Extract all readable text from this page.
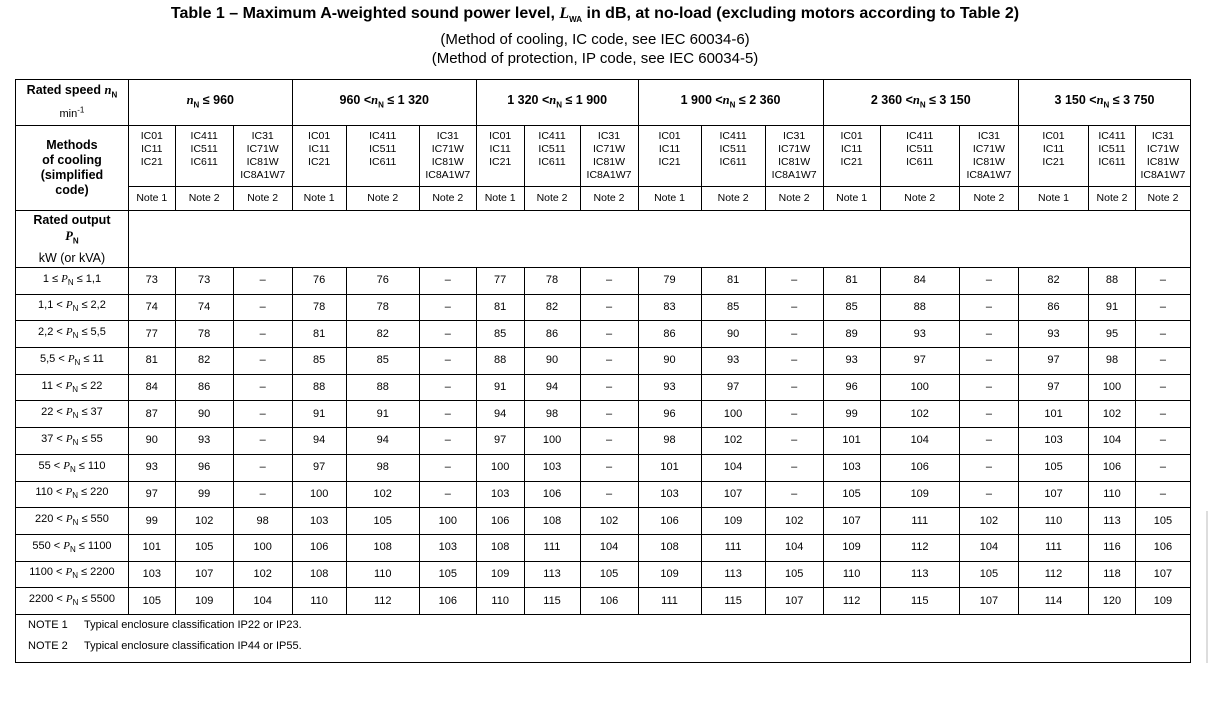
Table 1 – Maximum A-weighted sound power level, $L_{WA}$ in dB, at no-load (excluding motors according to Table 2)
(Method of cooling, IC code, see IEC 60034-6)
(Method of protection, IP code, see IEC 60034-5)
Rated speed $n_N$
$\min^{-1}$	$n_N \le 960$			$960 <n_N \le 1$ 320			1 $320 <n_N \le 1$ 900			1 $900 <n_N \le 2$ 360			2 $360 <n_N \le 3$ 150			3 $150 <n_N \le 3$ 750		
Methods
of cooling
(simplified
code)	IC01
IC11
IC21	IC411
IC511
IC611	IC31
IC71W
IC81W
IC8A1W7	IC01
IC11
IC21	IC411
IC511
IC611	IC31
IC71W
IC81W
IC8A1W7	IC01
IC11
IC21	IC411
IC511
IC611	IC31
IC71W
IC81W
IC8A1W7	IC01
IC11
IC21	IC411
IC511
IC611	IC31
IC71W
IC81W
IC8A1W7	IC01
IC11
IC21	IC411
IC511
IC611	IC31
IC71W
IC81W
IC8A1W7	IC01
IC11
IC21	IC411
IC511
IC611	IC31
IC71W
IC81W
IC8A1W7
	Note 1	Note 2	Note 2	Note 1	Note 2	Note 2	Note 1	Note 2	Note 2	Note 1	Note 2	Note 2	Note 1	Note 2	Note 2	Note 1	Note 2	Note 2
Rated output
$P_N$
kW (or kVA)																		
$1 \le P_N \le 1,1$	73	73	–	76	76	–	77	78	–	79	81	–	81	84	–	82	88	–
$1,1 < P_N \le 2,2$	74	74	–	78	78	–	81	82	–	83	85	–	85	88	–	86	91	–
$2,2 < P_N \le 5,5$	77	78	–	81	82	–	85	86	–	86	90	–	89	93	–	93	95	–
$5,5 < P_N \le 11$	81	82	–	85	85	–	88	90	–	90	93	–	93	97	–	97	98	–
$11 < P_N \le 22$	84	86	–	88	88	–	91	94	–	93	97	–	96	100	–	97	100	–
$22 < P_N \le 37$	87	90	–	91	91	–	94	98	–	96	100	–	99	102	–	101	102	–
$37 < P_N \le 55$	90	93	–	94	94	–	97	100	–	98	102	–	101	104	–	103	104	–
$55 < P_N \le 110$	93	96	–	97	98	–	100	103	–	101	104	–	103	106	–	105	106	–
$110 < P_N \le 220$	97	99	–	100	102	–	103	106	–	103	107	–	105	109	–	107	110	–
$220 < P_N \le 550$	99	102	98	103	105	100	106	108	102	106	109	102	107	111	102	110	113	105
$550 < P_N \le 1100$	101	105	100	106	108	103	108	111	104	108	111	104	109	112	104	111	116	106
$1100 < P_N \le 2200$	103	107	102	108	110	105	109	113	105	109	113	105	110	113	105	112	118	107
$2200 < P_N \le 5500$	105	109	104	110	112	106	110	115	106	111	115	107	112	115	107	114	120	109
NOTE 1 Typical enclosure classification IP22 or IP23.																		
NOTE 2 Typical enclosure classification IP44 or IP55.																		
